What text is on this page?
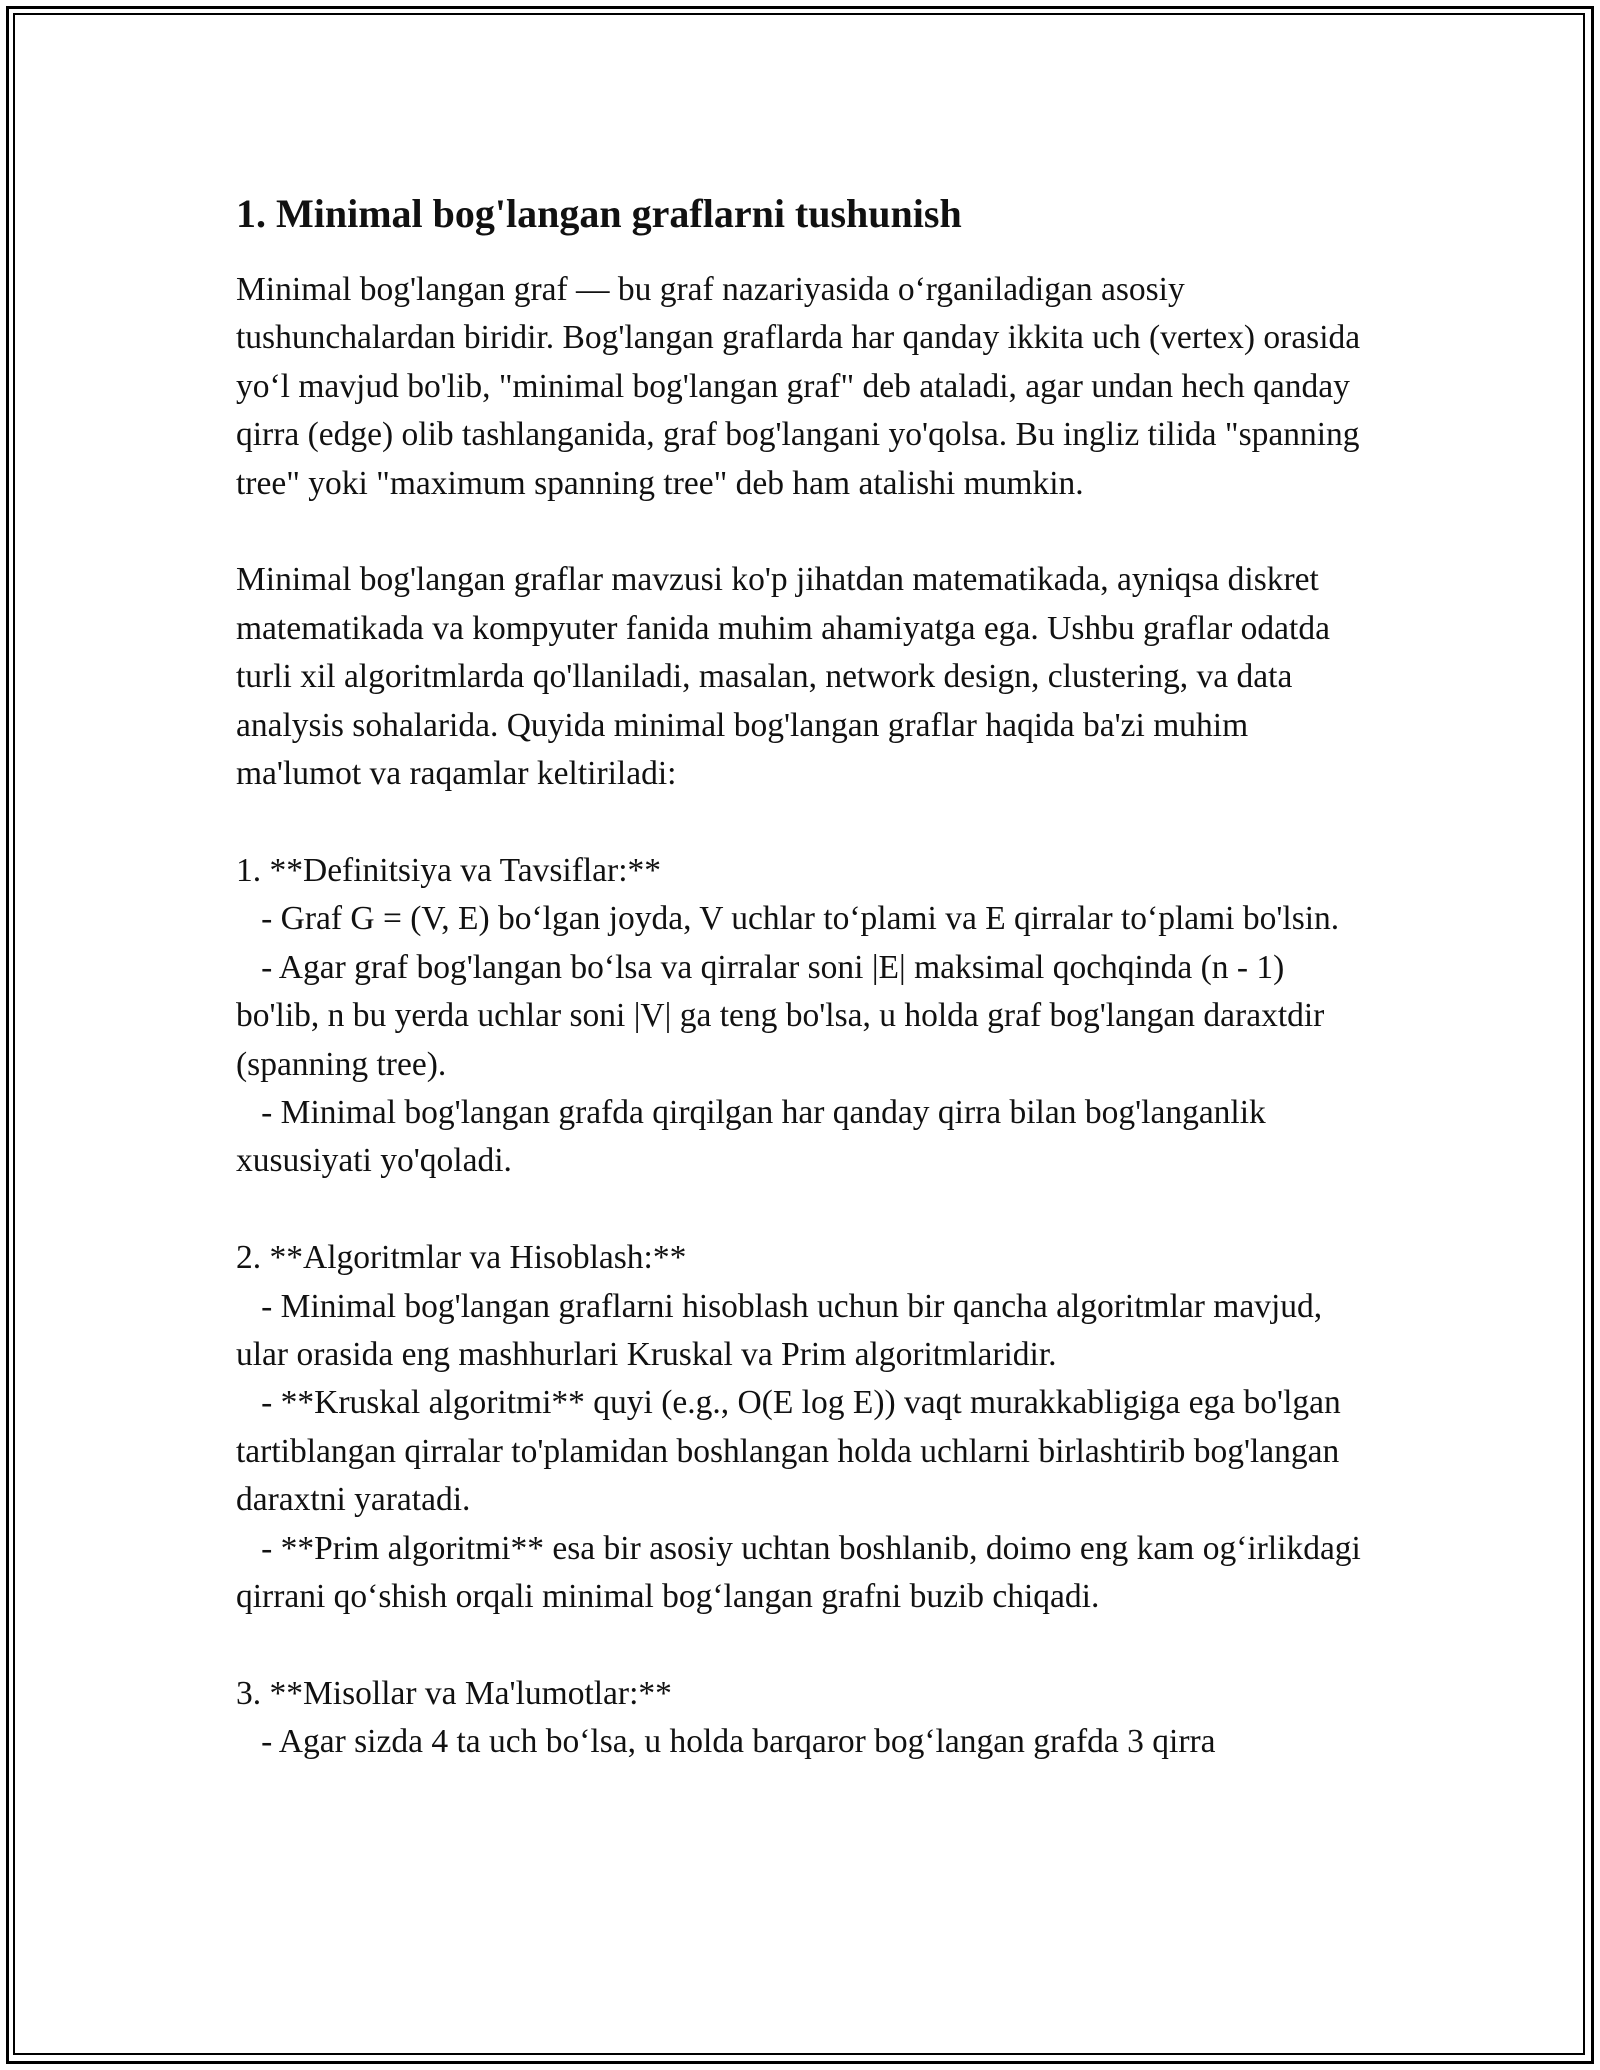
1. Minimal bog'langan graflarni tushunish

Minimal bog'langan graf — bu graf nazariyasida o‘rganiladigan asosiy tushunchalardan biridir. Bog'langan graflarda har qanday ikkita uch (vertex) orasida yo‘l mavjud bo'lib, "minimal bog'langan graf" deb ataladi, agar undan hech qanday qirra (edge) olib tashlanganida, graf bog'langani yo'qolsa. Bu ingliz tilida "spanning tree" yoki "maximum spanning tree" deb ham atalishi mumkin.

Minimal bog'langan graflar mavzusi ko'p jihatdan matematikada, ayniqsa diskret matematikada va kompyuter fanida muhim ahamiyatga ega. Ushbu graflar odatda turli xil algoritmlarda qo'llaniladi, masalan, network design, clustering, va data analysis sohalarida. Quyida minimal bog'langan graflar haqida ba'zi muhim ma'lumot va raqamlar keltiriladi:

1. **Definitsiya va Tavsiflar:**
- Graf G = (V, E) bo‘lgan joyda, V uchlar to‘plami va E qirralar to‘plami bo'lsin.
- Agar graf bog'langan bo‘lsa va qirralar soni |E| maksimal qochqinda (n - 1) bo'lib, n bu yerda uchlar soni |V| ga teng bo'lsa, u holda graf bog'langan daraxtdir (spanning tree).
- Minimal bog'langan grafda qirqilgan har qanday qirra bilan bog'langanlik xususiyati yo'qoladi.

2. **Algoritmlar va Hisoblash:**
- Minimal bog'langan graflarni hisoblash uchun bir qancha algoritmlar mavjud, ular orasida eng mashhurlari Kruskal va Prim algoritmlaridir.
- **Kruskal algoritmi** quyi (e.g., O(E log E)) vaqt murakkabligiga ega bo'lgan tartiblangan qirralar to'plamidan boshlangan holda uchlarni birlashtirib bog'langan daraxtni yaratadi.
- **Prim algoritmi** esa bir asosiy uchtan boshlanib, doimo eng kam og‘irlikdagi qirrani qo‘shish orqali minimal bog‘langan grafni buzib chiqadi.

3. **Misollar va Ma'lumotlar:**
- Agar sizda 4 ta uch bo‘lsa, u holda barqaror bog‘langan grafda 3 qirra
